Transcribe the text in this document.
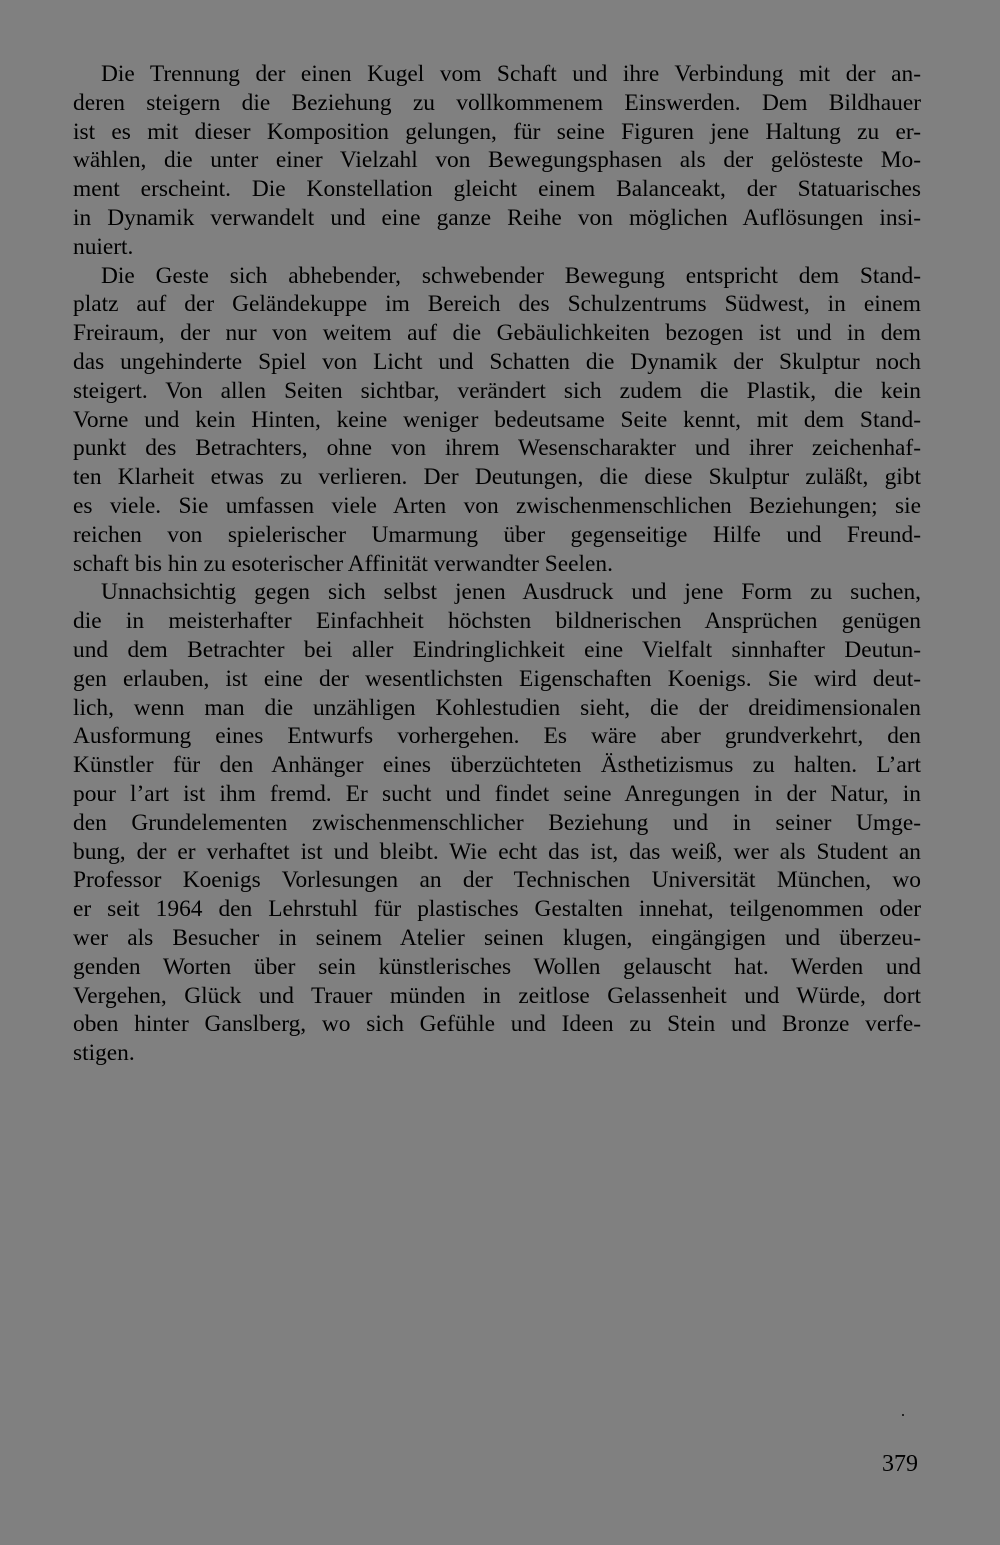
Die Trennung der einen Kugel vom Schaft und ihre Verbindung mit der an-
deren steigern die Beziehung zu vollkommenem Einswerden. Dem Bildhauer
ist es mit dieser Komposition gelungen, für seine Figuren jene Haltung zu er-
wählen, die unter einer Vielzahl von Bewegungsphasen als der gelösteste Mo-
ment erscheint. Die Konstellation gleicht einem Balanceakt, der Statuarisches
in Dynamik verwandelt und eine ganze Reihe von möglichen Auflösungen insi-
nuiert.
Die Geste sich abhebender, schwebender Bewegung entspricht dem Stand-
platz auf der Geländekuppe im Bereich des Schulzentrums Südwest, in einem
Freiraum, der nur von weitem auf die Gebäulichkeiten bezogen ist und in dem
das ungehinderte Spiel von Licht und Schatten die Dynamik der Skulptur noch
steigert. Von allen Seiten sichtbar, verändert sich zudem die Plastik, die kein
Vorne und kein Hinten, keine weniger bedeutsame Seite kennt, mit dem Stand-
punkt des Betrachters, ohne von ihrem Wesenscharakter und ihrer zeichenhaf-
ten Klarheit etwas zu verlieren. Der Deutungen, die diese Skulptur zuläßt, gibt
es viele. Sie umfassen viele Arten von zwischenmenschlichen Beziehungen; sie
reichen von spielerischer Umarmung über gegenseitige Hilfe und Freund-
schaft bis hin zu esoterischer Affinität verwandter Seelen.
Unnachsichtig gegen sich selbst jenen Ausdruck und jene Form zu suchen,
die in meisterhafter Einfachheit höchsten bildnerischen Ansprüchen genügen
und dem Betrachter bei aller Eindringlichkeit eine Vielfalt sinnhafter Deutun-
gen erlauben, ist eine der wesentlichsten Eigenschaften Koenigs. Sie wird deut-
lich, wenn man die unzähligen Kohlestudien sieht, die der dreidimensionalen
Ausformung eines Entwurfs vorhergehen. Es wäre aber grundverkehrt, den
Künstler für den Anhänger eines überzüchteten Ästhetizismus zu halten. L’art
pour l’art ist ihm fremd. Er sucht und findet seine Anregungen in der Natur, in
den Grundelementen zwischenmenschlicher Beziehung und in seiner Umge-
bung, der er verhaftet ist und bleibt. Wie echt das ist, das weiß, wer als Student an
Professor Koenigs Vorlesungen an der Technischen Universität München, wo
er seit 1964 den Lehrstuhl für plastisches Gestalten innehat, teilgenommen oder
wer als Besucher in seinem Atelier seinen klugen, eingängigen und überzeu-
genden Worten über sein künstlerisches Wollen gelauscht hat. Werden und
Vergehen, Glück und Trauer münden in zeitlose Gelassenheit und Würde, dort
oben hinter Ganslberg, wo sich Gefühle und Ideen zu Stein und Bronze verfe-
stigen.
379
